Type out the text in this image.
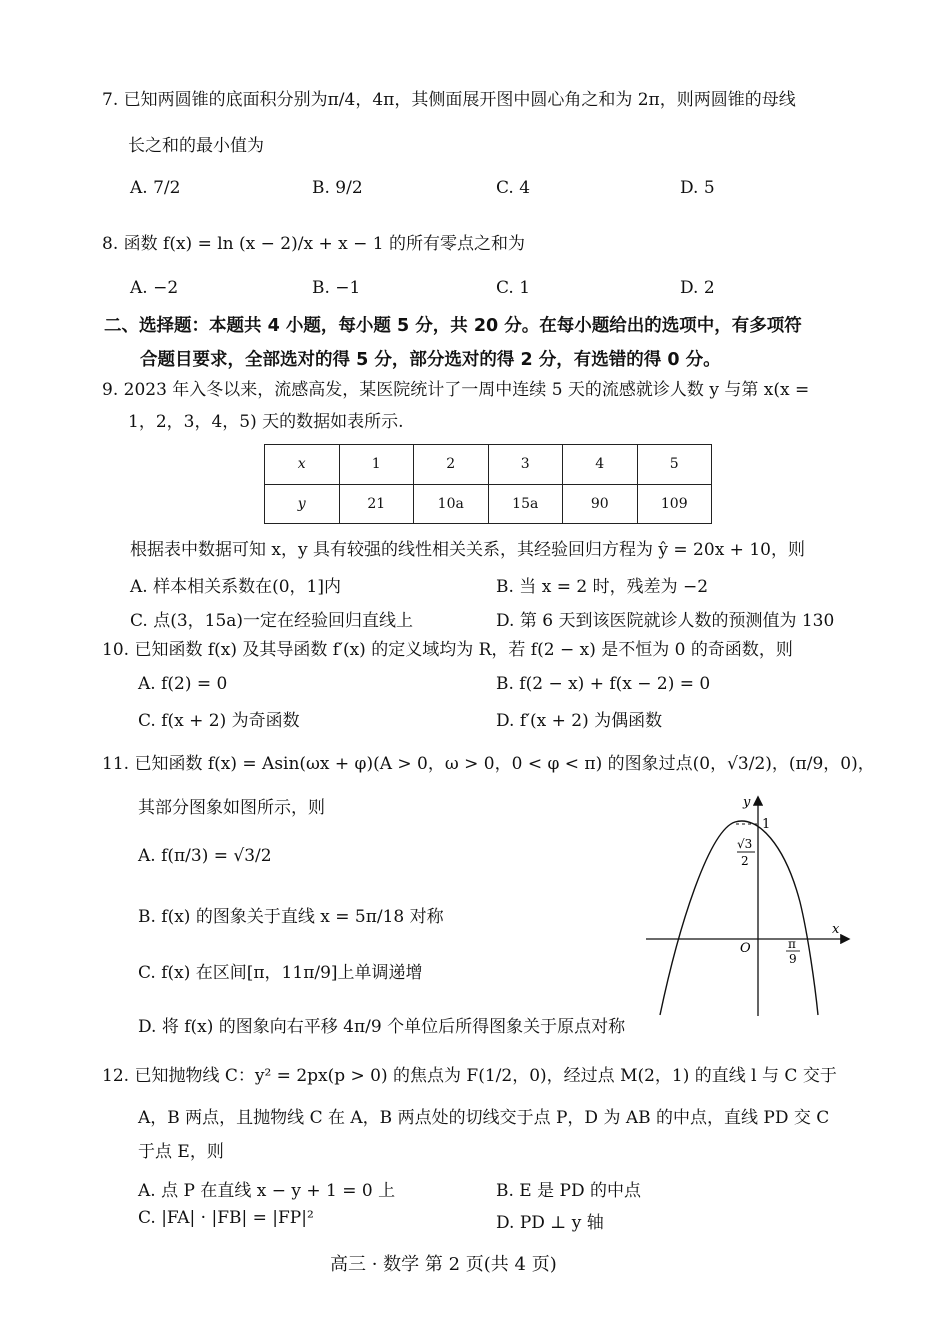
7. 已知两圆锥的底面积分别为π/4，4π，其侧面展开图中圆心角之和为 2π，则两圆锥的母线
长之和的最小值为
A. 7/2	B. 9/2	C. 4	D. 5
8. 函数 f(x) = ln (x − 2)/x + x − 1 的所有零点之和为
A. −2	B. −1	C. 1	D. 2
二、选择题：本题共 4 小题，每小题 5 分，共 20 分。在每小题给出的选项中，有多项符
合题目要求，全部选对的得 5 分，部分选对的得 2 分，有选错的得 0 分。
9. 2023 年入冬以来，流感高发，某医院统计了一周中连续 5 天的流感就诊人数 y 与第 x(x =
1，2，3，4，5) 天的数据如表所示.
x	1	2	3	4	5
y	21	10a	15a	90	109
根据表中数据可知 x，y 具有较强的线性相关关系，其经验回归方程为 ŷ = 20x + 10，则
A. 样本相关系数在(0，1]内	B. 当 x = 2 时，残差为 −2
C. 点(3，15a)一定在经验回归直线上	D. 第 6 天到该医院就诊人数的预测值为 130
10. 已知函数 f(x) 及其导函数 f′(x) 的定义域均为 R，若 f(2 − x) 是不恒为 0 的奇函数，则
A. f(2) = 0	B. f(2 − x) + f(x − 2) = 0
C. f(x + 2) 为奇函数	D. f′(x + 2) 为偶函数
11. 已知函数 f(x) = Asin(ωx + φ)(A > 0，ω > 0，0 < φ < π) 的图象过点(0，√3/2)，(π/9，0)，
其部分图象如图所示，则
A. f(π/3) = √3/2
B. f(x) 的图象关于直线 x = 5π/18 对称
C. f(x) 在区间[π，11π/9]上单调递增
D. 将 f(x) 的图象向右平移 4π/9 个单位后所得图象关于原点对称
y
x
O
1
√3
2
π
9
12. 已知抛物线 C：y² = 2px(p > 0) 的焦点为 F(1/2，0)，经过点 M(2，1) 的直线 l 与 C 交于
A，B 两点，且抛物线 C 在 A，B 两点处的切线交于点 P，D 为 AB 的中点，直线 PD 交 C
于点 E，则
A. 点 P 在直线 x − y + 1 = 0 上	B. E 是 PD 的中点
C. |FA| · |FB| = |FP|²	D. PD ⊥ y 轴
高三 · 数学 第 2 页(共 4 页)
